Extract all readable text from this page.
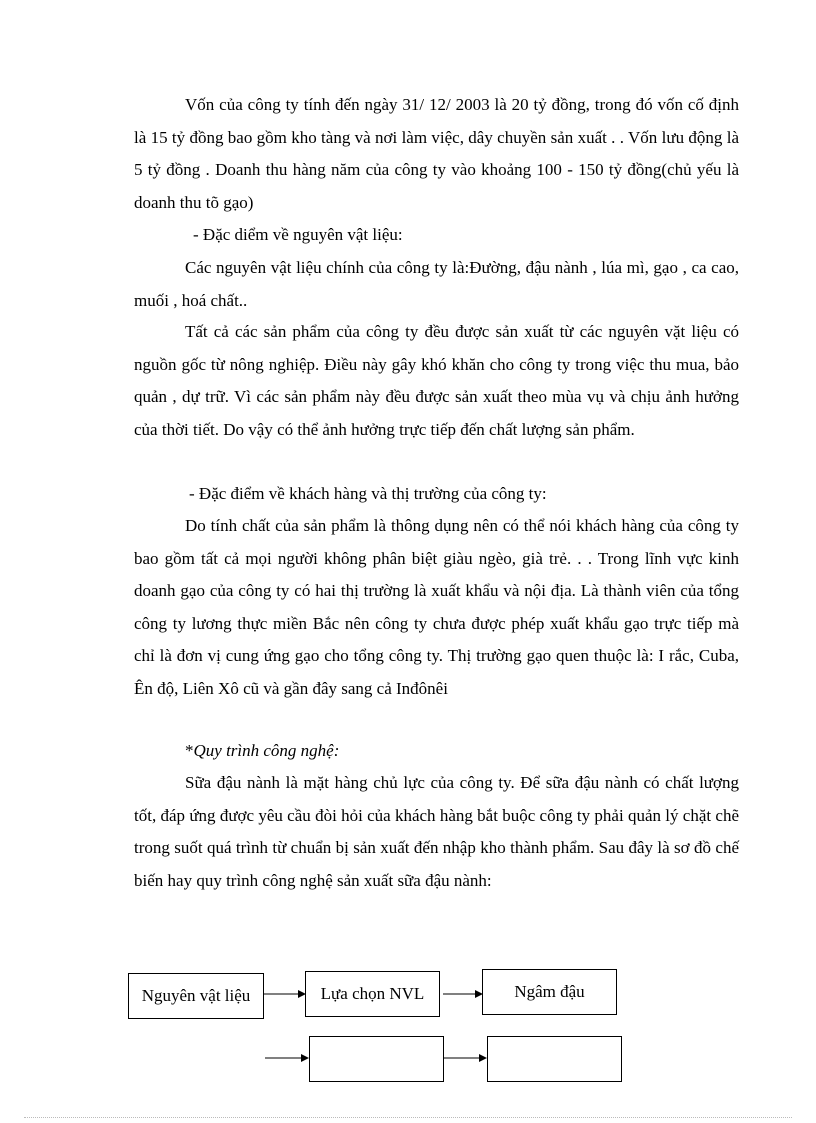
Vốn của công ty tính đến ngày 31/ 12/ 2003 là 20 tỷ đồng, trong đó vốn cố định là 15 tỷ đồng bao gồm kho tàng và nơi làm việc, dây chuyền sản xuất . . Vốn lưu động là 5 tỷ đồng . Doanh thu hàng năm của công ty vào khoảng 100 - 150 tỷ đồng(chủ yếu là doanh thu tõ gạo)

- Đặc diểm về nguyên vật liệu:

Các nguyên vật liệu chính của công ty là:Đường, đậu nành , lúa mì, gạo , ca cao, muối , hoá chất..

Tất cả các sản phẩm của công ty đều được sản xuất từ các nguyên vặt liệu có nguồn gốc từ nông nghiệp. Điều này gây khó khăn cho công ty trong việc thu mua, bảo quản , dự trữ. Vì các sản phẩm này đều được sản xuất theo mùa vụ và chịu ảnh hưởng của thời tiết. Do vậy có thể ảnh hưởng trực tiếp đến chất lượng sản phẩm.

- Đặc điểm về khách hàng và thị trường của công ty:

Do tính chất của sản phẩm là thông dụng nên có thể nói khách hàng của công ty bao gồm tất cả mọi người không phân biệt giàu ngèo, già trẻ. . . Trong lĩnh vực kinh doanh gạo của công ty có hai thị trường là xuất khẩu và nội địa. Là thành viên của tổng công ty lương thực miền Bắc nên công ty chưa được phép xuất khẩu gạo trực tiếp mà chỉ là đơn vị cung ứng gạo cho tổng công ty. Thị trường gạo quen thuộc là: I rắc, Cuba, Ên độ, Liên Xô cũ và gần đây sang cả Inđônêi

*Quy trình công nghệ:

Sữa đậu nành là mặt hàng chủ lực của công ty. Để sữa đậu nành có chất lượng tốt, đáp ứng được yêu cầu đòi hỏi của khách hàng bắt buộc công ty phải quản lý chặt chẽ trong suốt quá trình từ chuẩn bị sản xuất đến nhập kho thành phẩm. Sau đây là sơ đồ chế biến hay quy trình công nghệ sản xuất sữa đậu nành:

Nguyên vật liệu	Lựa chọn NVL	Ngâm đậu
